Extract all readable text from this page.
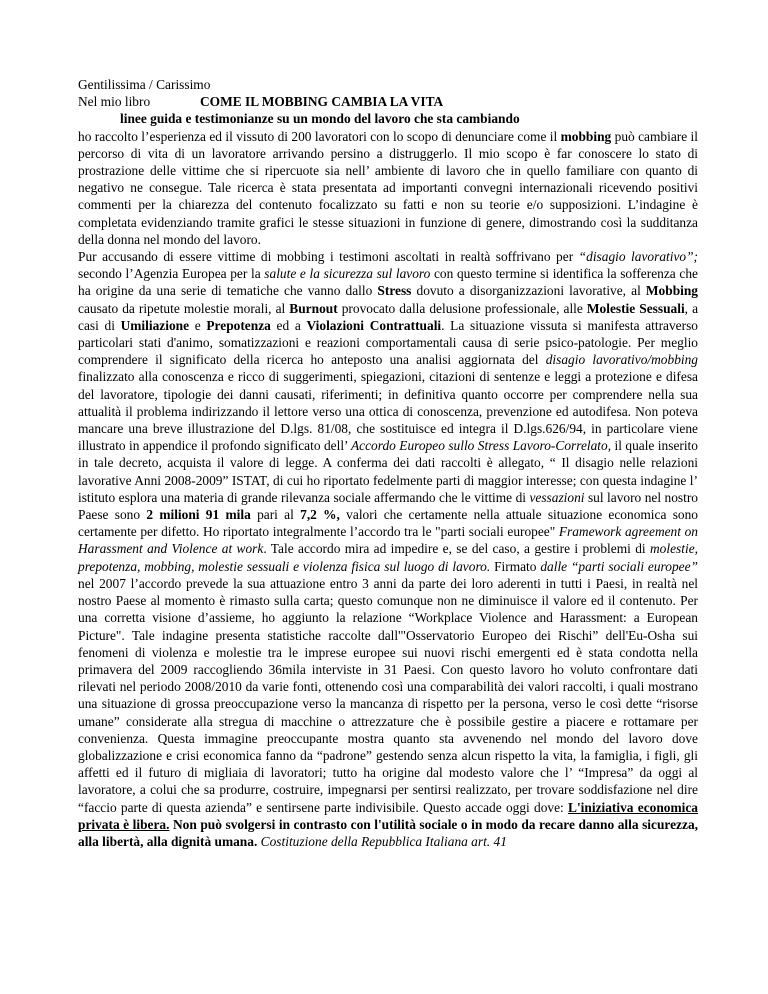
Gentilissima / Carissimo
Nel mio libro	COME IL MOBBING CAMBIA LA VITA
linee guida e testimonianze su un mondo del lavoro che sta cambiando
ho raccolto l’esperienza ed il vissuto di 200 lavoratori con lo scopo di denunciare come il mobbing può cambiare il percorso di vita di un lavoratore arrivando persino a distruggerlo. Il mio scopo è far conoscere lo stato di prostrazione delle vittime che si ripercuote sia nell’ ambiente di lavoro che in quello familiare con quanto di negativo ne consegue. Tale ricerca è stata presentata ad importanti convegni internazionali ricevendo positivi commenti per la chiarezza del contenuto focalizzato su fatti e non su teorie e/o supposizioni. L’indagine è completata evidenziando tramite grafici le stesse situazioni in funzione di genere, dimostrando così la sudditanza della donna nel mondo del lavoro.
Pur accusando di essere vittime di mobbing i testimoni ascoltati in realtà soffrivano per “disagio lavorativo”; secondo l’Agenzia Europea per la salute e la sicurezza sul lavoro con questo termine si identifica la sofferenza che ha origine da una serie di tematiche che vanno dallo Stress dovuto a disorganizzazioni lavorative, al Mobbing causato da ripetute molestie morali, al Burnout provocato dalla delusione professionale, alle Molestie Sessuali, a casi di Umiliazione e Prepotenza ed a Violazioni Contrattuali. La situazione vissuta si manifesta attraverso particolari stati d'animo, somatizzazioni e reazioni comportamentali causa di serie psico-patologie. Per meglio comprendere il significato della ricerca ho anteposto una analisi aggiornata del disagio lavorativo/mobbing finalizzato alla conoscenza e ricco di suggerimenti, spiegazioni, citazioni di sentenze e leggi a protezione e difesa del lavoratore, tipologie dei danni causati, riferimenti; in definitiva quanto occorre per comprendere nella sua attualità il problema indirizzando il lettore verso una ottica di conoscenza, prevenzione ed autodifesa. Non poteva mancare una breve illustrazione del D.lgs. 81/08, che sostituisce ed integra il D.lgs.626/94, in particolare viene illustrato in appendice il profondo significato dell’ Accordo Europeo sullo Stress Lavoro-Correlato, il quale inserito in tale decreto, acquista il valore di legge. A conferma dei dati raccolti è allegato, “ Il disagio nelle relazioni lavorative Anni 2008-2009” ISTAT, di cui ho riportato fedelmente parti di maggior interesse; con questa indagine l’ istituto esplora una materia di grande rilevanza sociale affermando che le vittime di vessazioni sul lavoro nel nostro Paese sono 2 milioni 91 mila pari al 7,2 %, valori che certamente nella attuale situazione economica sono certamente per difetto. Ho riportato integralmente l’accordo tra le "parti sociali europee" Framework agreement on Harassment and Violence at work. Tale accordo mira ad impedire e, se del caso, a gestire i problemi di molestie, prepotenza, mobbing, molestie sessuali e violenza fisica sul luogo di lavoro. Firmato dalle “parti sociali europee” nel 2007 l’accordo prevede la sua attuazione entro 3 anni da parte dei loro aderenti in tutti i Paesi, in realtà nel nostro Paese al momento è rimasto sulla carta; questo comunque non ne diminuisce il valore ed il contenuto. Per una corretta visione d’assieme, ho aggiunto la relazione “Workplace Violence and Harassment: a European Picture". Tale indagine presenta statistiche raccolte dall'"Osservatorio Europeo dei Rischi” dell'Eu-Osha sui fenomeni di violenza e molestie tra le imprese europee sui nuovi rischi emergenti ed è stata condotta nella primavera del 2009 raccogliendo 36mila interviste in 31 Paesi. Con questo lavoro ho voluto confrontare dati rilevati nel periodo 2008/2010 da varie fonti, ottenendo così una comparabilità dei valori raccolti, i quali mostrano una situazione di grossa preoccupazione verso la mancanza di rispetto per la persona, verso le così dette “risorse umane” considerate alla stregua di macchine o attrezzature che è possibile gestire a piacere e rottamare per convenienza. Questa immagine preoccupante mostra quanto sta avvenendo nel mondo del lavoro dove globalizzazione e crisi economica fanno da “padrone” gestendo senza alcun rispetto la vita, la famiglia, i figli, gli affetti ed il futuro di migliaia di lavoratori; tutto ha origine dal modesto valore che l’ “Impresa” da oggi al lavoratore, a colui che sa produrre, costruire, impegnarsi per sentirsi realizzato, per trovare soddisfazione nel dire “faccio parte di questa azienda” e sentirsene parte indivisibile. Questo accade oggi dove: L'iniziativa economica privata è libera. Non può svolgersi in contrasto con l'utilità sociale o in modo da recare danno alla sicurezza, alla libertà, alla dignità umana. Costituzione della Repubblica Italiana art. 41
